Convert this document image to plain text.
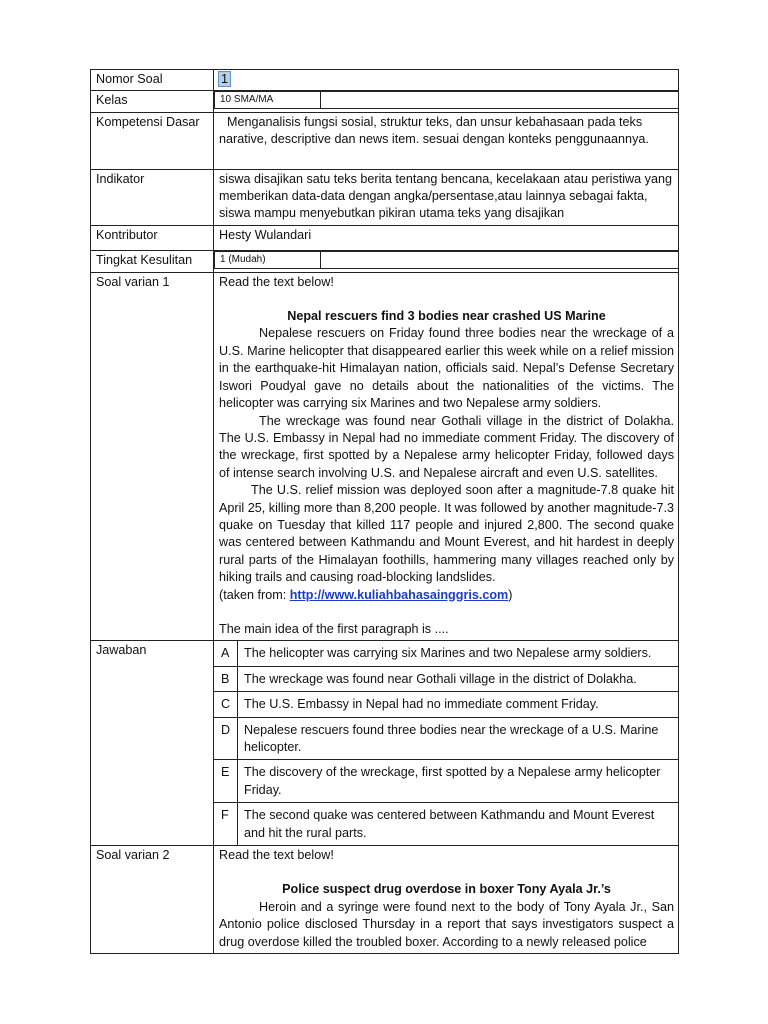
Nomor Soal	1
Kelas		10 SMA/MA	

Kompetensi Dasar	Menganalisis fungsi sosial, struktur teks, dan unsur kebahasaan pada teks narative, descriptive dan news item. sesuai dengan konteks penggunaannya.

Indikator	siswa disajikan satu teks berita tentang bencana, kecelakaan atau peristiwa yang memberikan data-data dengan angka/persentase,atau lainnya sebagai fakta, siswa mampu menyebutkan pikiran utama teks yang disajikan
Kontributor	Hesty Wulandari
Tingkat Kesulitan		1 (Mudah)	

Soal varian 1	Read the text below!

Nepal rescuers find 3 bodies near crashed US Marine

Nepalese rescuers on Friday found three bodies near the wreckage of a U.S. Marine helicopter that disappeared earlier this week while on a relief mission in the earthquake-hit Himalayan nation, officials said. Nepal’s Defense Secretary Iswori Poudyal gave no details about the nationalities of the victims. The helicopter was carrying six Marines and two Nepalese army soldiers.

The wreckage was found near Gothali village in the district of Dolakha. The U.S. Embassy in Nepal had no immediate comment Friday. The discovery of the wreckage, first spotted by a Nepalese army helicopter Friday, followed days of intense search involving U.S. and Nepalese aircraft and even U.S. satellites.

The U.S. relief mission was deployed soon after a magnitude-7.8 quake hit April 25, killing more than 8,200 people. It was followed by another magnitude-7.3 quake on Tuesday that killed 117 people and injured 2,800. The second quake was centered between Kathmandu and Mount Everest, and hit hardest in deeply rural parts of the Himalayan foothills, hammering many villages reached only by hiking trails and causing road-blocking landslides.

(taken from: http://www.kuliahbahasainggris.com)

The main idea of the first paragraph is ....

Jawaban		A	The helicopter was carrying six Marines and two Nepalese army soldiers.
B	The wreckage was found near Gothali village in the district of Dolakha.
C	The U.S. Embassy in Nepal had no immediate comment Friday.
D	Nepalese rescuers found three bodies near the wreckage of a U.S. Marine helicopter.
E	The discovery of the wreckage, first spotted by a Nepalese army helicopter Friday.
F	The second quake was centered between Kathmandu and Mount Everest and hit the rural parts.

Soal varian 2	Read the text below!

Police suspect drug overdose in boxer Tony Ayala Jr.’s

Heroin and a syringe were found next to the body of Tony Ayala Jr., San Antonio police disclosed Thursday in a report that says investigators suspect a drug overdose killed the troubled boxer. According to a newly released police
